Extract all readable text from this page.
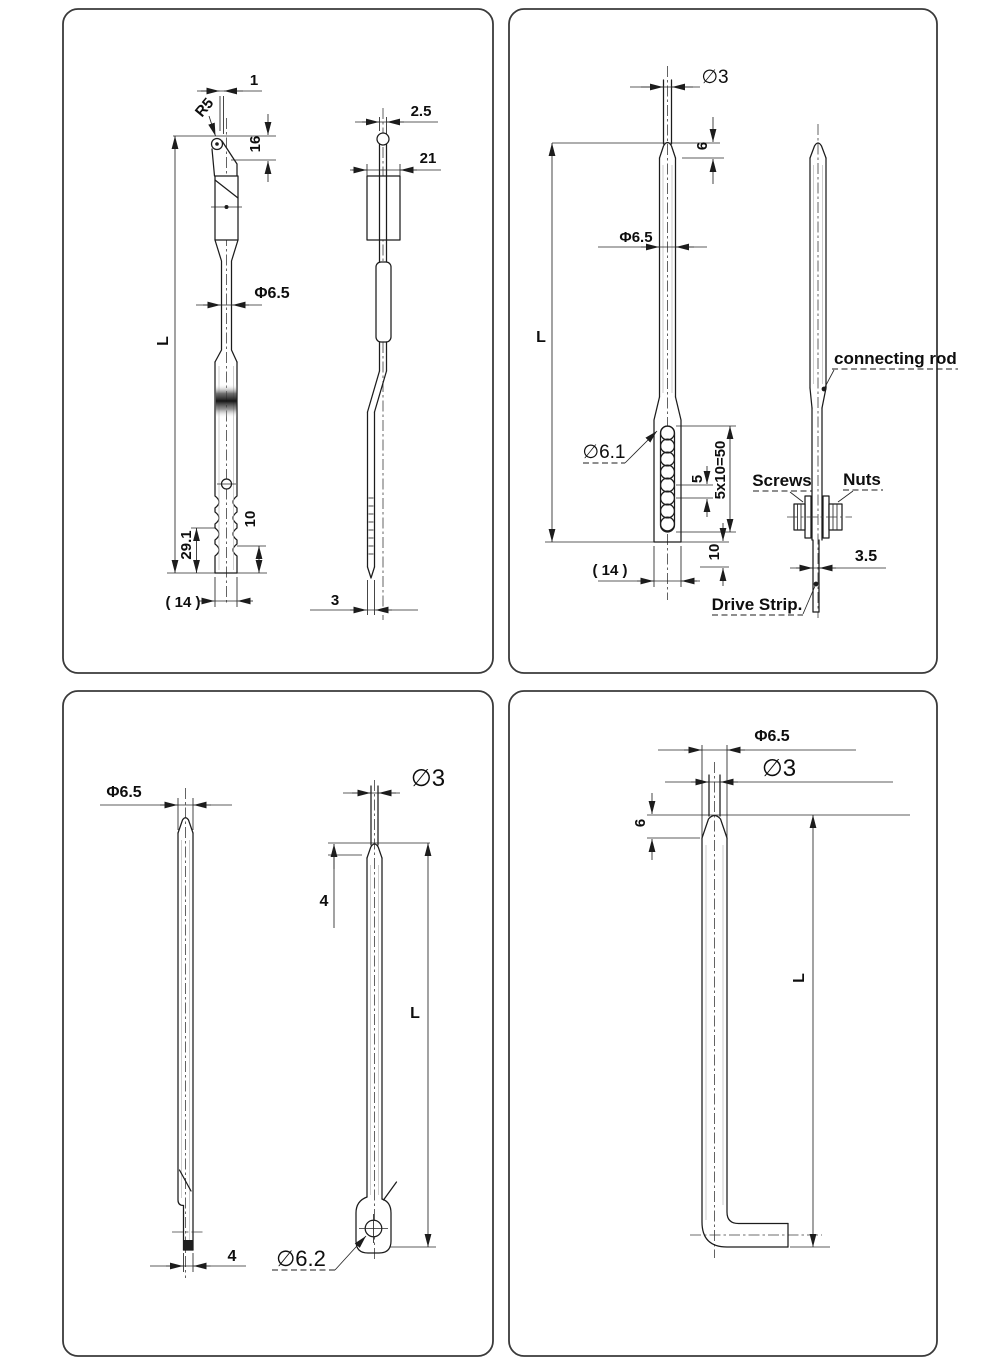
1
R5
16
Φ6.5
L
29.1
10
( 14 )
2.5
21
3
∅3
6
Φ6.5
L
∅6.1
5 5x10=50
10
( 14 )
3.5
connecting rod
Screws Nuts
Drive Strip.
Φ6.5
∅3
4
L
∅6.2
4
Φ6.5
∅3
6
L
